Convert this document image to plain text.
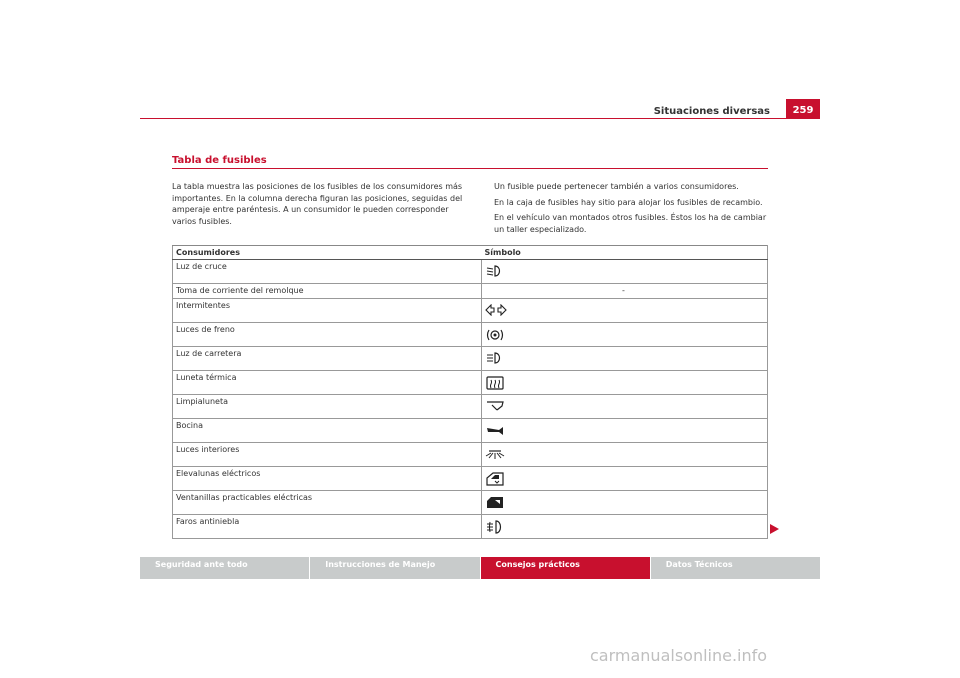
Situaciones diversas	259
Tabla de fusibles

La tabla muestra las posiciones de los fusibles de los consumidores más importantes. En la columna derecha figuran las posiciones, seguidas del amperaje entre paréntesis. A un consumidor le pueden corresponder varios fusibles.

Un fusible puede pertenecer también a varios consumidores.

En la caja de fusibles hay sitio para alojar los fusibles de recambio.

En el vehículo van montados otros fusibles. Éstos los ha de cambiar un taller especializado.

Consumidores	Símbolo
Luz de cruce	

Toma de corriente del remolque	-

Intermitentes	

Luces de freno	

Luz de carretera	

Luneta térmica	

Limpialuneta	

Bocina	

Luces interiores	

Elevalunas eléctricos	

Ventanillas practicables eléctricas	

Faros antiniebla	
Seguridad ante todo	Instrucciones de Manejo	Consejos prácticos	Datos Técnicos
carmanualsonline.info
